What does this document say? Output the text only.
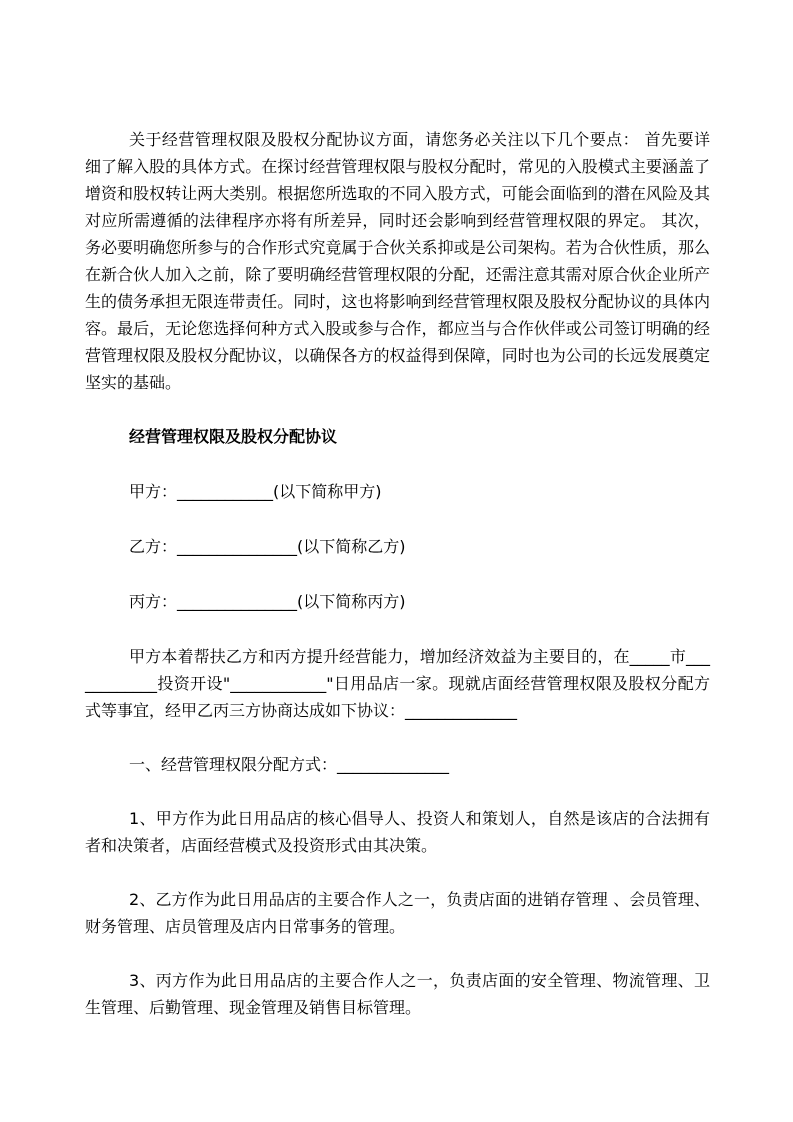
关于经营管理权限及股权分配协议方面，请您务必关注以下几个要点： 首先要详细了解入股的具体方式。在探讨经营管理权限与股权分配时，常见的入股模式主要涵盖了增资和股权转让两大类别。根据您所选取的不同入股方式，可能会面临到的潜在风险及其对应所需遵循的法律程序亦将有所差异，同时还会影响到经营管理权限的界定。 其次，务必要明确您所参与的合作形式究竟属于合伙关系抑或是公司架构。若为合伙性质，那么在新合伙人加入之前，除了要明确经营管理权限的分配，还需注意其需对原合伙企业所产生的债务承担无限连带责任。同时，这也将影响到经营管理权限及股权分配协议的具体内容。最后，无论您选择何种方式入股或参与合作，都应当与合作伙伴或公司签订明确的经营管理权限及股权分配协议，以确保各方的权益得到保障，同时也为公司的长远发展奠定坚实的基础。

经营管理权限及股权分配协议

甲方：____________(以下简称甲方)

乙方：_______________(以下简称乙方)

丙方：_______________(以下简称丙方)

甲方本着帮扶乙方和丙方提升经营能力，增加经济效益为主要目的，在_____市____________投资开设"____________"日用品店一家。现就店面经营管理权限及股权分配方式等事宜，经甲乙丙三方协商达成如下协议：______________

一、经营管理权限分配方式：______________

1、甲方作为此日用品店的核心倡导人、投资人和策划人，自然是该店的合法拥有者和决策者，店面经营模式及投资形式由其决策。

2、乙方作为此日用品店的主要合作人之一，负责店面的进销存管理 、会员管理、财务管理、店员管理及店内日常事务的管理。

3、丙方作为此日用品店的主要合作人之一，负责店面的安全管理、物流管理、卫生管理、后勤管理、现金管理及销售目标管理。
